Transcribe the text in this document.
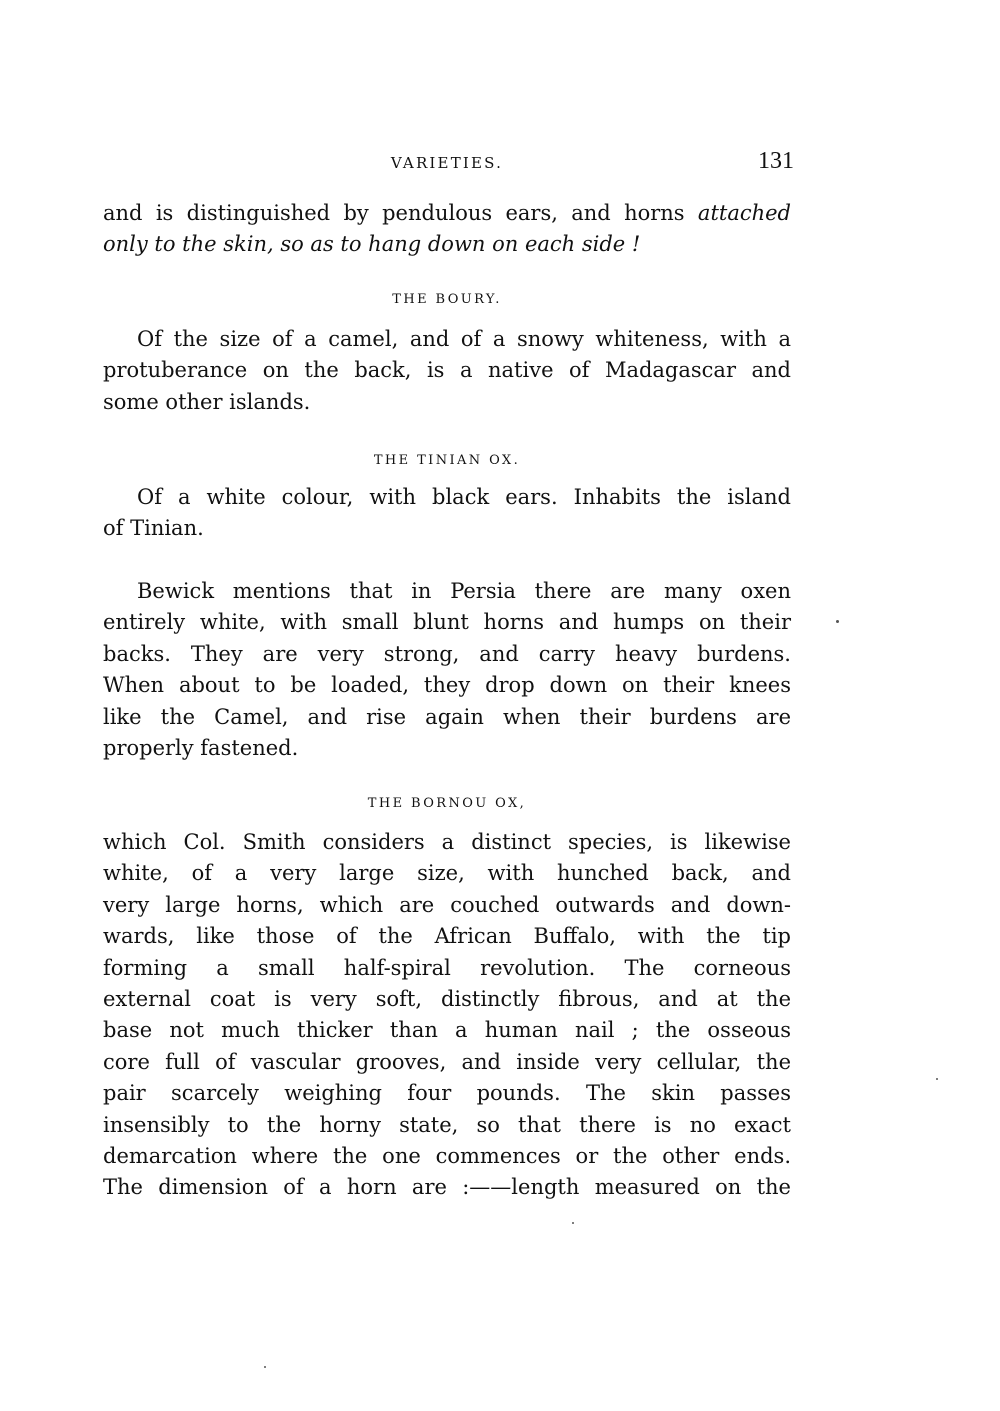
VARIETIES.	131
and is distinguished by pendulous ears, and horns attached
only to the skin, so as to hang down on each side !
THE BOURY.
Of the size of a camel, and of a snowy whiteness, with a
protuberance on the back, is a native of Madagascar and
some other islands.
THE TINIAN OX.
Of a white colour, with black ears. Inhabits the island
of Tinian.
Bewick mentions that in Persia there are many oxen
entirely white, with small blunt horns and humps on their
backs. They are very strong, and carry heavy burdens.
When about to be loaded, they drop down on their knees
like the Camel, and rise again when their burdens are
properly fastened.
THE BORNOU OX,
which Col. Smith considers a distinct species, is likewise
white, of a very large size, with hunched back, and
very large horns, which are couched outwards and down-
wards, like those of the African Buffalo, with the tip
forming a small half-spiral revolution. The corneous
external coat is very soft, distinctly fibrous, and at the
base not much thicker than a human nail ; the osseous
core full of vascular grooves, and inside very cellular, the
pair scarcely weighing four pounds. The skin passes
insensibly to the horny state, so that there is no exact
demarcation where the one commences or the other ends.
The dimension of a horn are :——length measured on the
